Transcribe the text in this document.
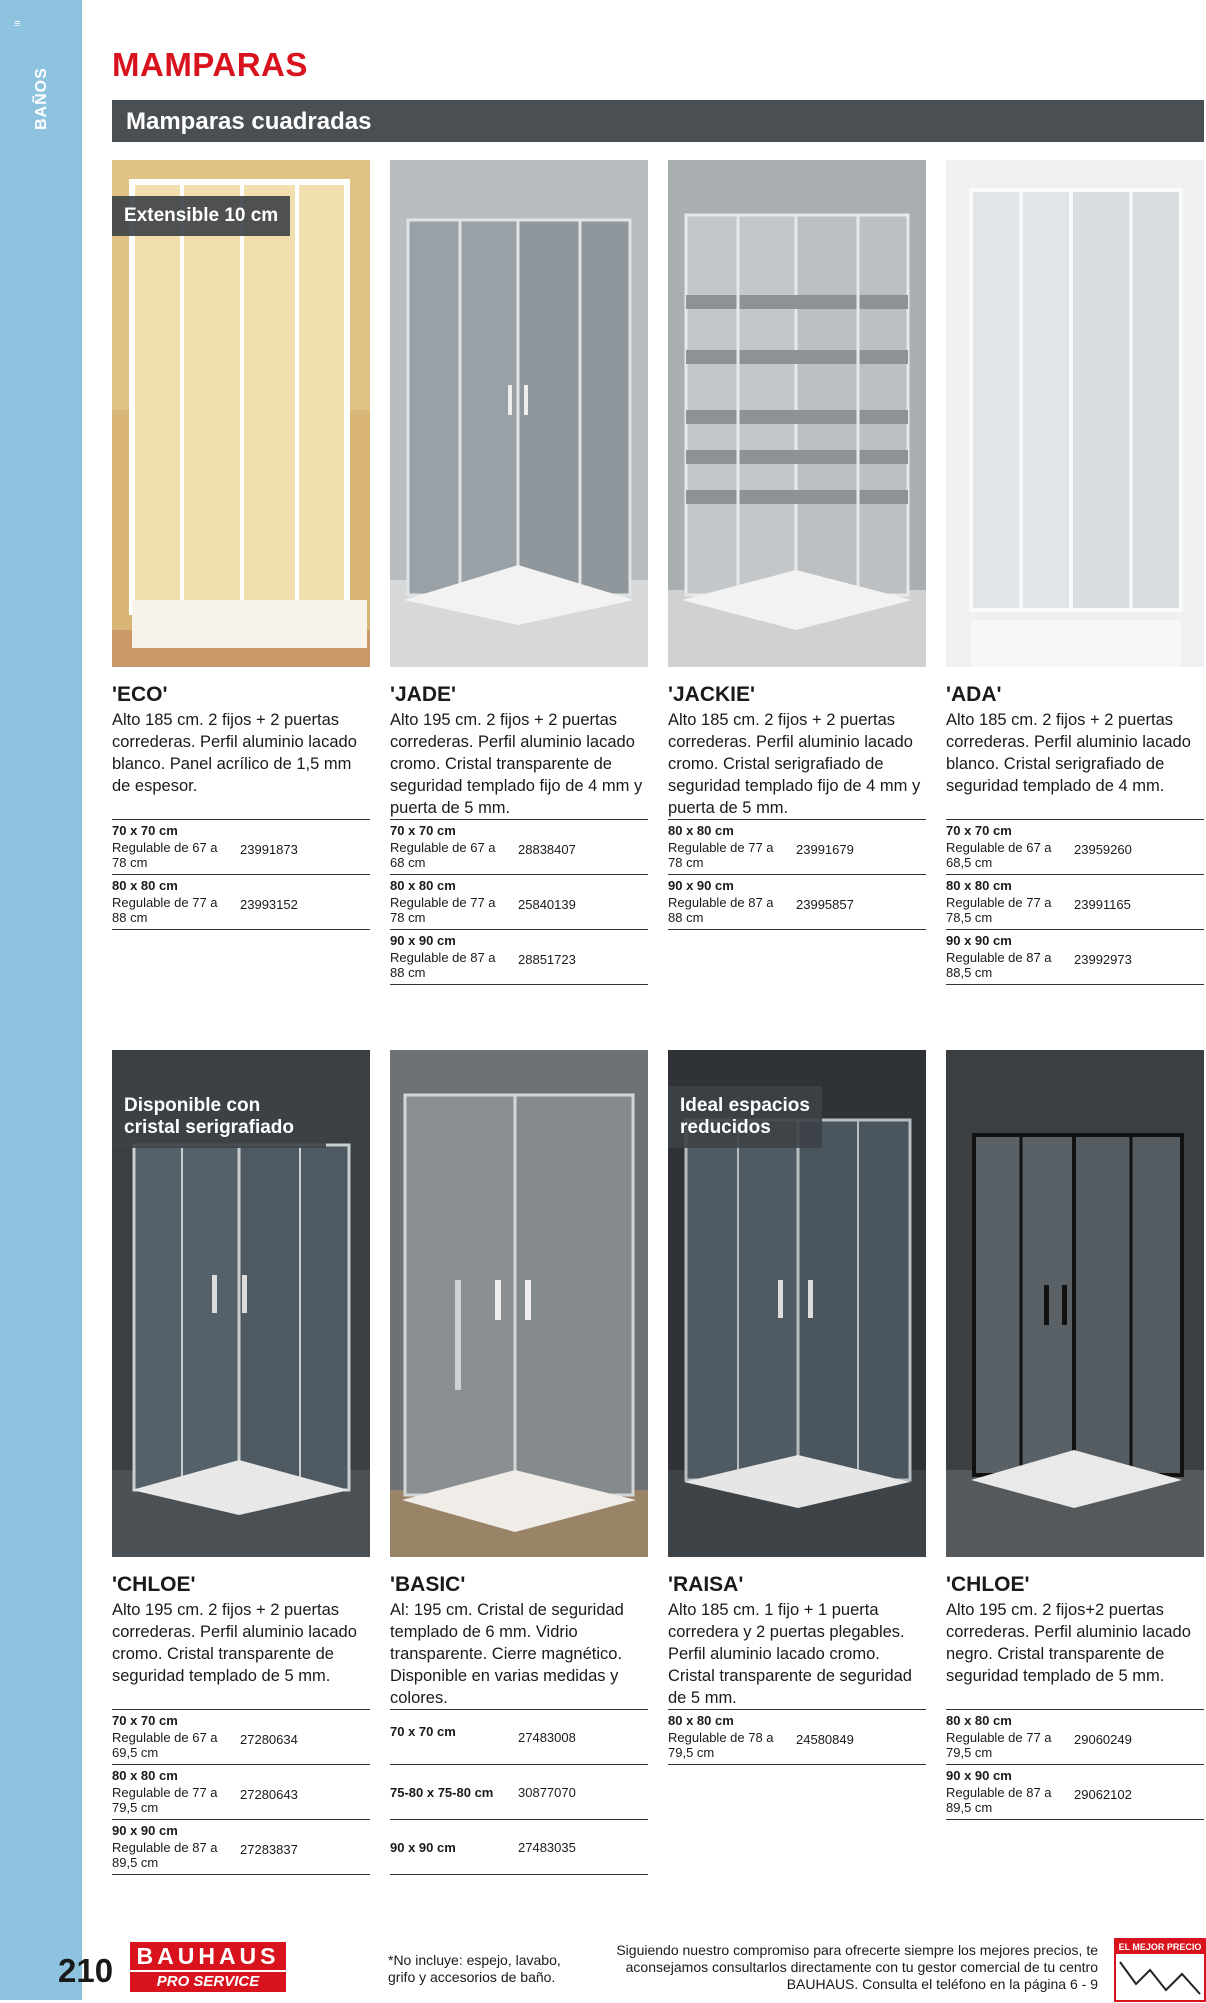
≡
BAÑOS
MAMPARAS
Mamparas cuadradas
Extensible 10 cm
'ECO'
Alto 185 cm. 2 fijos + 2 puertas correderas. Perfil aluminio lacado blanco. Panel acrílico de 1,5 mm de espesor.
70 x 70 cm
Regulable de 67 a 78 cm
23991873
80 x 80 cm
Regulable de 77 a 88 cm
23993152
'JADE'
Alto 195 cm. 2 fijos + 2 puertas correderas. Perfil aluminio lacado cromo. Cristal transparente de seguridad templado fijo de 4 mm y puerta de 5 mm.
70 x 70 cm
Regulable de 67 a 68 cm
28838407
80 x 80 cm
Regulable de 77 a 78 cm
25840139
90 x 90 cm
Regulable de 87 a 88 cm
28851723
'JACKIE'
Alto 185 cm. 2 fijos + 2 puertas correderas. Perfil aluminio lacado cromo. Cristal serigrafiado de seguridad templado fijo de 4 mm y puerta de 5 mm.
80 x 80 cm
Regulable de 77 a 78 cm
23991679
90 x 90 cm
Regulable de 87 a 88 cm
23995857
'ADA'
Alto 185 cm. 2 fijos + 2 puertas correderas. Perfil aluminio lacado blanco. Cristal serigrafiado de seguridad templado de 4 mm.
70 x 70 cm
Regulable de 67 a 68,5 cm
23959260
80 x 80 cm
Regulable de 77 a 78,5 cm
23991165
90 x 90 cm
Regulable de 87 a 88,5 cm
23992973
Disponible con cristal serigrafiado
'CHLOE'
Alto 195 cm. 2 fijos + 2 puertas correderas. Perfil aluminio lacado cromo. Cristal transparente de seguridad templado de 5 mm.
70 x 70 cm
Regulable de 67 a 69,5 cm
27280634
80 x 80 cm
Regulable de 77 a 79,5 cm
27280643
90 x 90 cm
Regulable de 87 a 89,5 cm
27283837
'BASIC'
Al: 195 cm. Cristal de seguridad templado de 6 mm. Vidrio transparente. Cierre magnético. Disponible en varias medidas y colores.
70 x 70 cm	27483008
75-80 x 75-80 cm 30877070
90 x 90 cm	27483035
Ideal espacios reducidos
'RAISA'
Alto 185 cm. 1 fijo + 1 puerta corredera y 2 puertas plegables. Perfil aluminio lacado cromo. Cristal transparente de seguridad de 5 mm.
80 x 80 cm
Regulable de 78 a 79,5 cm
24580849
'CHLOE'
Alto 195 cm. 2 fijos+2 puertas correderas. Perfil aluminio lacado negro. Cristal transparente de seguridad templado de 5 mm.
80 x 80 cm
Regulable de 77 a 79,5 cm
29060249
90 x 90 cm
Regulable de 87 a 89,5 cm
29062102
210 BAUHAUS
PRO SERVICE
*No incluye: espejo, lavabo, grifo y accesorios de baño.
Siguiendo nuestro compromiso para ofrecerte siempre los mejores precios, te aconsejamos consultarlos directamente con tu gestor comercial de tu centro BAUHAUS. Consulta el teléfono en la página 6 - 9
EL MEJOR PRECIO
